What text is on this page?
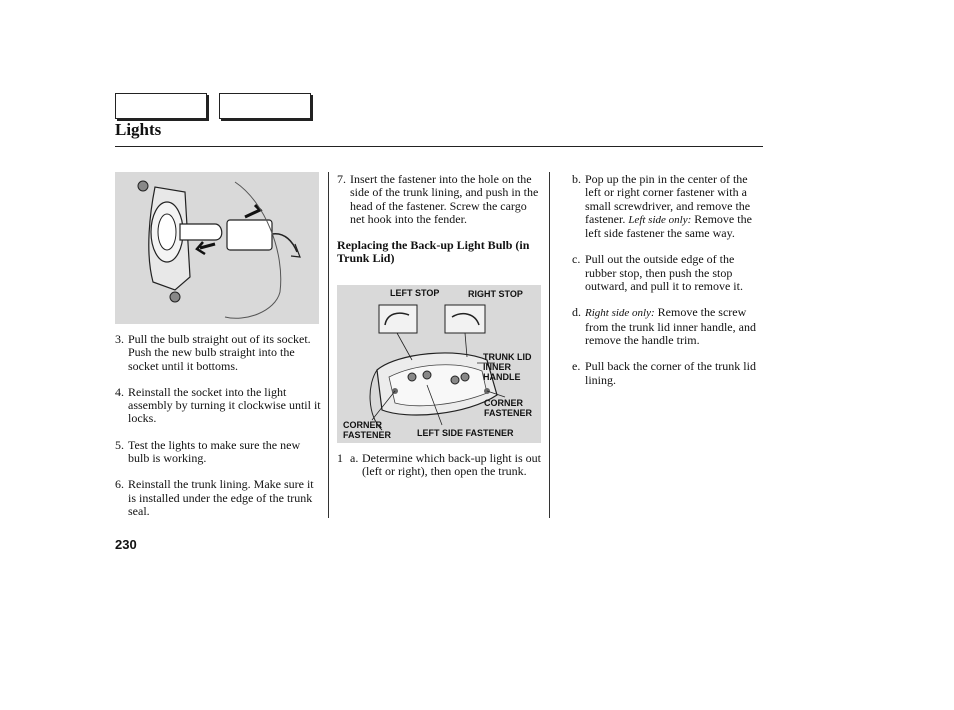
Lights
3. Pull the bulb straight out of its socket. Push the new bulb straight into the socket until it bottoms.
4. Reinstall the socket into the light assembly by turning it clockwise until it locks.
5. Test the lights to make sure the new bulb is working.
6. Reinstall the trunk lining. Make sure it is installed under the edge of the trunk seal.
7. Insert the fastener into the hole on the side of the trunk lining, and push in the head of the fastener. Screw the cargo net hook into the fender.
Replacing the Back-up Light Bulb (in Trunk Lid)
LEFT STOP	RIGHT STOP
TRUNK LID INNER HANDLE
CORNER FASTENER
CORNER FASTENER	LEFT SIDE FASTENER
1 a. Determine which back-up light is out (left or right), then open the trunk.
b. Pop up the pin in the center of the left or right corner fastener with a small screwdriver, and remove the fastener. Left side only: Remove the left side fastener the same way.
c. Pull out the outside edge of the rubber stop, then push the stop outward, and pull it to remove it.
d. Right side only: Remove the screw from the trunk lid inner handle, and remove the handle trim.
e. Pull back the corner of the trunk lid lining.
230
